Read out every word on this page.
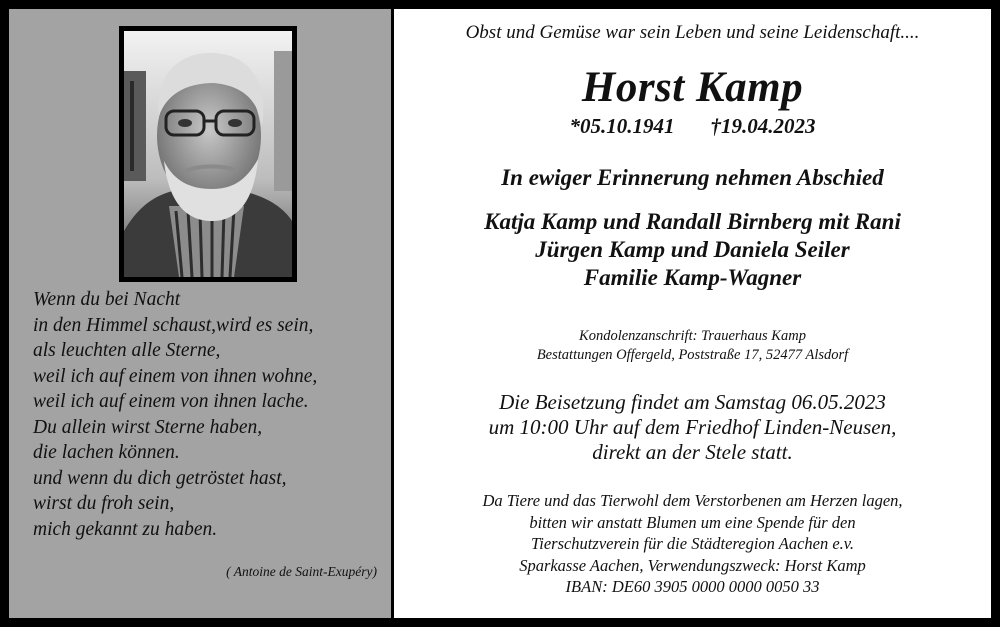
Wenn du bei Nacht
in den Himmel schaust,wird es sein,
als leuchten alle Sterne,
weil ich auf einem von ihnen wohne,
weil ich auf einem von ihnen lache.
Du allein wirst Sterne haben,
die lachen können.
und wenn du dich getröstet hast,
wirst du froh sein,
mich gekannt zu haben.
( Antoine de Saint-Exupéry)
Obst und Gemüse war sein Leben und seine Leidenschaft....
Horst Kamp
*05.10.1941 †19.04.2023
In ewiger Erinnerung nehmen Abschied
Katja Kamp und Randall Birnberg mit Rani
Jürgen Kamp und Daniela Seiler
Familie Kamp-Wagner
Kondolenzanschrift: Trauerhaus Kamp
Bestattungen Offergeld, Poststraße 17, 52477 Alsdorf
Die Beisetzung findet am Samstag 06.05.2023
um 10:00 Uhr auf dem Friedhof Linden-Neusen,
direkt an der Stele statt.
Da Tiere und das Tierwohl dem Verstorbenen am Herzen lagen,
bitten wir anstatt Blumen um eine Spende für den
Tierschutzverein für die Städteregion Aachen e.v.
Sparkasse Aachen, Verwendungszweck: Horst Kamp
IBAN: DE60 3905 0000 0000 0050 33
